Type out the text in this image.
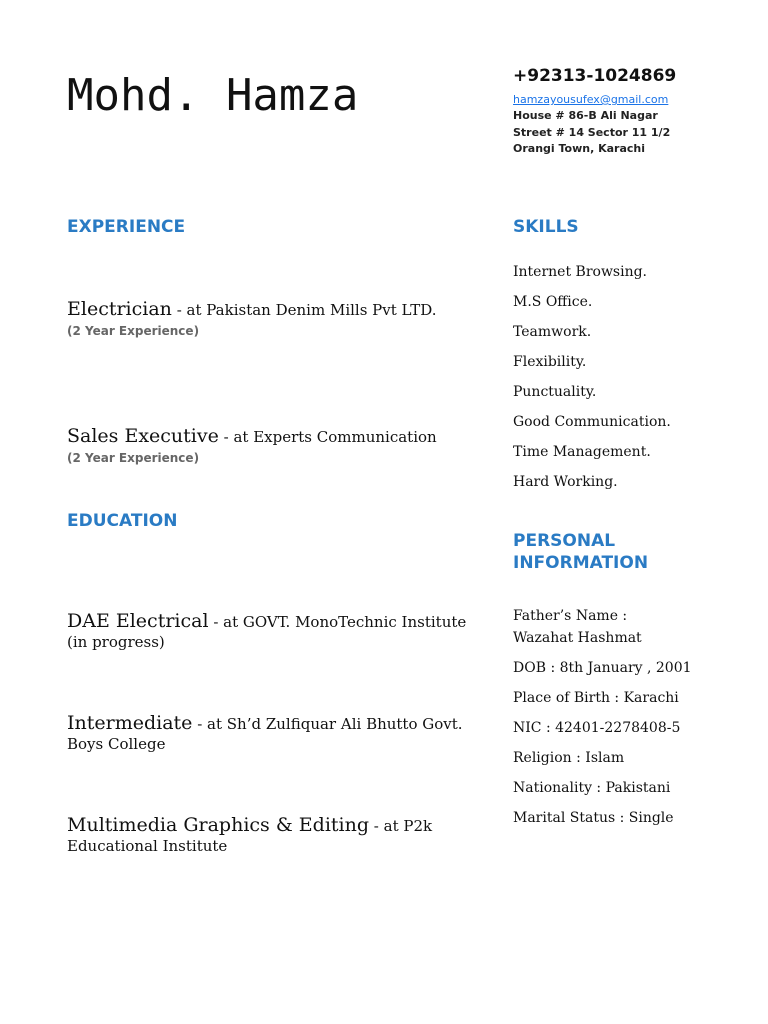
Mohd. Hamza	+92313-1024869
hamzayousufex@gmail.com
House # 86-B Ali Nagar
Street # 14 Sector 11 1/2
Orangi Town, Karachi
EXPERIENCE
Electrician - at Pakistan Denim Mills Pvt LTD.
(2 Year Experience)
Sales Executive - at Experts Communication
(2 Year Experience)
EDUCATION
DAE Electrical - at GOVT. MonoTechnic Institute (in progress)
Intermediate - at Sh’d Zulfiquar Ali Bhutto Govt. Boys College
Multimedia Graphics & Editing - at P2k Educational Institute
SKILLS
Internet Browsing.
M.S Office.
Teamwork.
Flexibility.
Punctuality.
Good Communication.
Time Management.
Hard Working.
PERSONAL INFORMATION
Father’s Name : Wazahat Hashmat
DOB : 8th January , 2001
Place of Birth : Karachi
NIC : 42401-2278408-5
Religion : Islam
Nationality : Pakistani
Marital Status : Single
